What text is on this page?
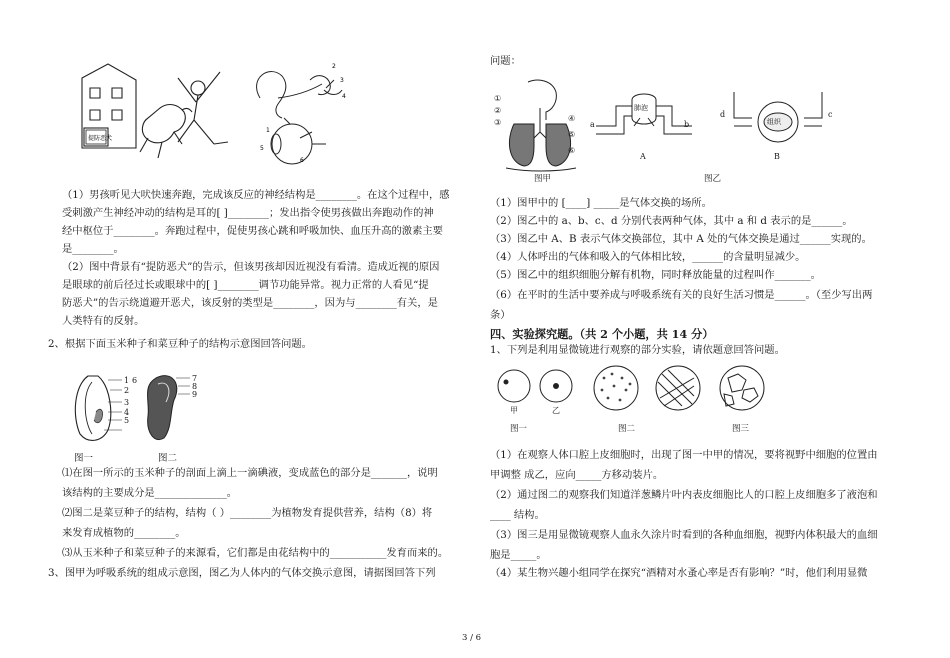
提防恶犬
2
3
4
1
5
6
（1）男孩听见大吠快速奔跑，完成该反应的神经结构是________。在这个过程中，感
受刺激产生神经冲动的结构是耳的[ ]________；发出指令使男孩做出奔跑动作的神
经中枢位于________。奔跑过程中，促使男孩心跳和呼吸加快、血压升高的激素主要
是________。
（2）图中背景有“提防恶犬”的告示，但该男孩却因近视没有看清。造成近视的原因
是眼球的前后径过长或眼球中的[ ]________调节功能异常。视力正常的人看见“提
防恶犬”的告示绕道避开恶犬，该反射的类型是________，因为与________有关，是
人类特有的反射。
2、根据下面玉米种子和菜豆种子的结构示意图回答问题。
1
2
3
4
5
6	7
8
9
图一	图二
⑴在图一所示的玉米种子的剖面上滴上一滴碘液，变成蓝色的部分是_______，说明
该结构的主要成分是______________。
⑵图二是菜豆种子的结构，结构（ ）________为植物发育提供营养，结构（8）将
来发育成植物的________。
⑶从玉米种子和菜豆种子的来源看，它们都是由花结构中的___________发育而来的。
3、图甲为呼吸系统的组成示意图，图乙为人体内的气体交换示意图，请据图回答下列
问题：
①
②
③	④
⑤
⑥
图甲
肺泡
a	b
A
组织
d	c
B
图乙
（1）图甲中的 [____] _____是气体交换的场所。
（2）图乙中的 a、b、c、d 分别代表两种气体，其中 a 和 d 表示的是______。
（3）图乙中 A、B 表示气体交换部位，其中 A 处的气体交换是通过______实现的。
（4）人体呼出的气体和吸入的气体相比较，______的含量明显减少。
（5）图乙中的组织细胞分解有机物，同时释放能量的过程叫作_______。
（6）在平时的生活中要养成与呼吸系统有关的良好生活习惯是______。（至少写出两
条）
四、实验探究题。（共 2 个小题，共 14 分）
1、下列是利用显微镜进行观察的部分实验，请依题意回答问题。
甲	乙
图一	图二	图三
（1）在观察人体口腔上皮细胞时，出现了图一中甲的情况，要将视野中细胞的位置由
甲调整 成乙，应向_____方移动装片。
（2）通过图二的观察我们知道洋葱鳞片叶内表皮细胞比人的口腔上皮细胞多了液泡和
____ 结构。
（3）图三是用显微镜观察人血永久涂片时看到的各种血细胞，视野内体积最大的血细
胞是_____。
（4）某生物兴趣小组同学在探究“酒精对水蚤心率是否有影响？”时，他们利用显微
3 / 6
